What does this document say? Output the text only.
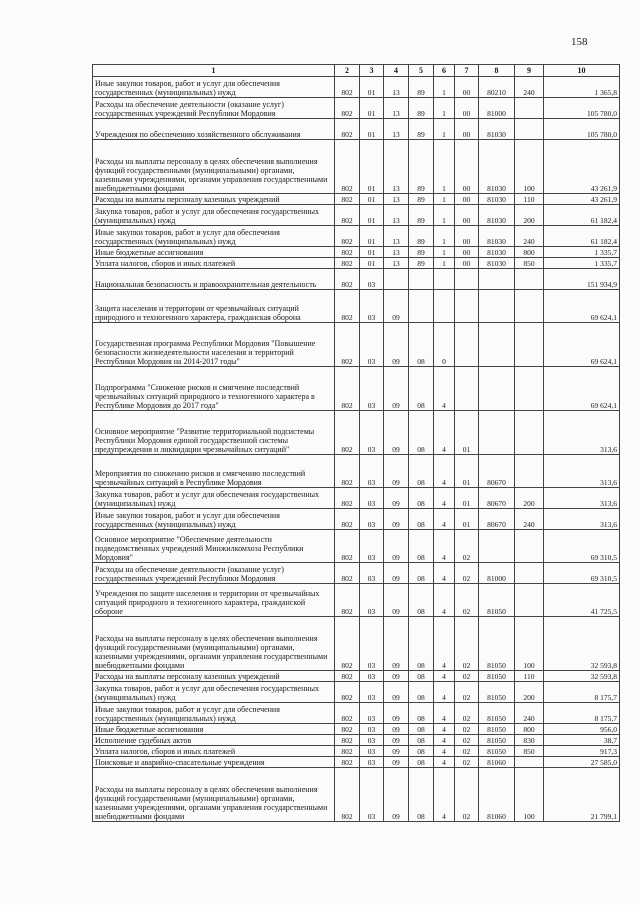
158
1	2	3	4	5	6	7	8	9	10
Иные закупки товаров, работ и услуг для обеспечения государственных (муниципальных) нужд	802	01	13	89	1	00	80210	240	1 365,8
Расходы на обеспечение деятельности (оказание услуг) государственных учреждений Республики Мордовия	802	01	13	89	1	00	81000		105 780,0
Учреждения по обеспечению хозяйственного обслуживания	802	01	13	89	1	00	81030		105 780,0
Расходы на выплаты персоналу в целях обеспечения выполнения функций государственными (муниципальными) органами, казенными учреждениями, органами управления государственными внебюджетными фондами	802	01	13	89	1	00	81030	100	43 261,9
Расходы на выплаты персоналу казенных учреждений	802	01	13	89	1	00	81030	110	43 261,9
Закупка товаров, работ и услуг для обеспечения государственных (муниципальных) нужд	802	01	13	89	1	00	81030	200	61 182,4
Иные закупки товаров, работ и услуг для обеспечения государственных (муниципальных) нужд	802	01	13	89	1	00	81030	240	61 182,4
Иные бюджетные ассигнования	802	01	13	89	1	00	81030	800	1 335,7
Уплата налогов, сборов и иных платежей	802	01	13	89	1	00	81030	850	1 335,7
Национальная безопасность и правоохранительная деятельность	802	03							151 934,9
Защита населения и территории от чрезвычайных ситуаций природного и техногенного характера, гражданская оборона	802	03	09						69 624,1
Государственная программа Республики Мордовия "Повышение безопасности жизнедеятельности населения и территорий Республики Мордовия на 2014-2017 годы"	802	03	09	08	0				69 624,1
Подпрограмма "Снижение рисков и смягчение последствий чрезвычайных ситуаций природного и техногенного характера в Республике Мордовия до 2017 года"	802	03	09	08	4				69 624,1
Основное мероприятие "Развитие территориальной подсистемы Республики Мордовия единой государственной системы предупреждения и ликвидации чрезвычайных ситуаций"	802	03	09	08	4	01			313,6
Мероприятия по снижению рисков и смягчению последствий чрезвычайных ситуаций в Республике Мордовия	802	03	09	08	4	01	80670		313,6
Закупка товаров, работ и услуг для обеспечения государственных (муниципальных) нужд	802	03	09	08	4	01	80670	200	313,6
Иные закупки товаров, работ и услуг для обеспечения государственных (муниципальных) нужд	802	03	09	08	4	01	80670	240	313,6
Основное мероприятие "Обеспечение деятельности подведомственных учреждений Минжилкомхоза Республики Мордовия"	802	03	09	08	4	02			69 310,5
Расходы на обеспечение деятельности (оказание услуг) государственных учреждений Республики Мордовия	802	03	09	08	4	02	81000		69 310,5
Учреждения по защите населения и территории от чрезвычайных ситуаций природного и техногенного характера, гражданской обороне	802	03	09	08	4	02	81050		41 725,5
Расходы на выплаты персоналу в целях обеспечения выполнения функций государственными (муниципальными) органами, казенными учреждениями, органами управления государственными внебюджетными фондами	802	03	09	08	4	02	81050	100	32 593,8
Расходы на выплаты персоналу казенных учреждений	802	03	09	08	4	02	81050	110	32 593,8
Закупка товаров, работ и услуг для обеспечения государственных (муниципальных) нужд	802	03	09	08	4	02	81050	200	8 175,7
Иные закупки товаров, работ и услуг для обеспечения государственных (муниципальных) нужд	802	03	09	08	4	02	81050	240	8 175,7
Иные бюджетные ассигнования	802	03	09	08	4	02	81050	800	956,0
Исполнение судебных актов	802	03	09	08	4	02	81050	830	38,7
Уплата налогов, сборов и иных платежей	802	03	09	08	4	02	81050	850	917,3
Поисковые и аварийно-спасательные учреждения	802	03	09	08	4	02	81060		27 585,0
Расходы на выплаты персоналу в целях обеспечения выполнения функций государственными (муниципальными) органами, казенными учреждениями, органами управления государственными внебюджетными фондами	802	03	09	08	4	02	81060	100	21 799,1
